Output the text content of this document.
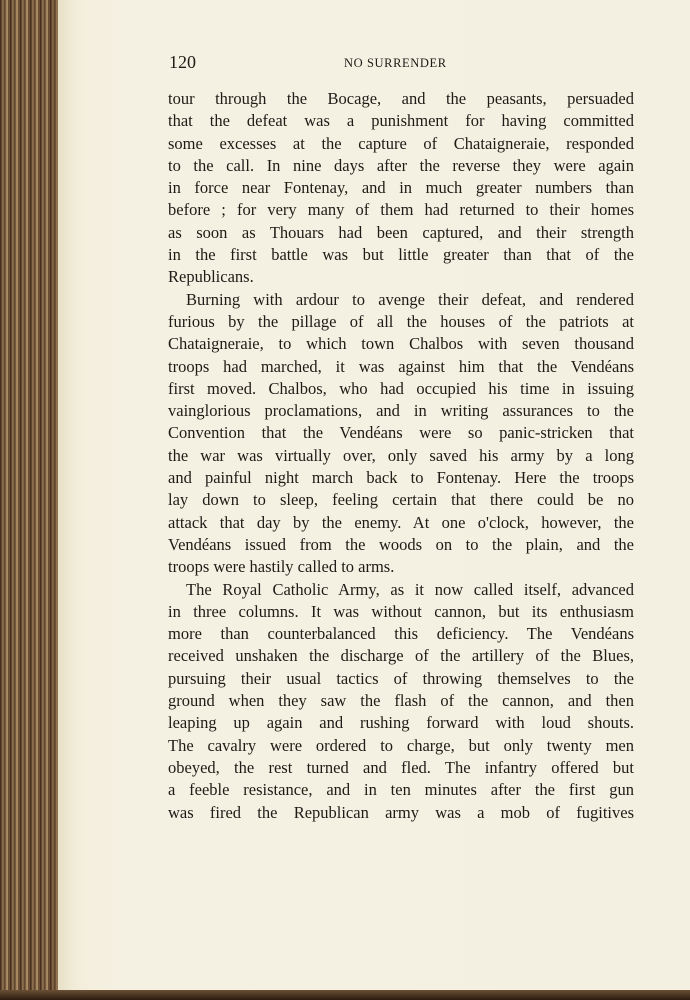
120	NO SURRENDER
tour through the Bocage, and the peasants, persuaded
that the defeat was a punishment for having committed
some excesses at the capture of Chataigneraie, responded
to the call. In nine days after the reverse they were again
in force near Fontenay, and in much greater numbers than
before ; for very many of them had returned to their homes
as soon as Thouars had been captured, and their strength
in the first battle was but little greater than that of the
Republicans.
Burning with ardour to avenge their defeat, and rendered
furious by the pillage of all the houses of the patriots at
Chataigneraie, to which town Chalbos with seven thousand
troops had marched, it was against him that the Vendéans
first moved. Chalbos, who had occupied his time in issuing
vainglorious proclamations, and in writing assurances to the
Convention that the Vendéans were so panic-stricken that
the war was virtually over, only saved his army by a long
and painful night march back to Fontenay. Here the troops
lay down to sleep, feeling certain that there could be no
attack that day by the enemy. At one o'clock, however, the
Vendéans issued from the woods on to the plain, and the
troops were hastily called to arms.
The Royal Catholic Army, as it now called itself, advanced
in three columns. It was without cannon, but its enthusiasm
more than counterbalanced this deficiency. The Vendéans
received unshaken the discharge of the artillery of the Blues,
pursuing their usual tactics of throwing themselves to the
ground when they saw the flash of the cannon, and then
leaping up again and rushing forward with loud shouts.
The cavalry were ordered to charge, but only twenty men
obeyed, the rest turned and fled. The infantry offered but
a feeble resistance, and in ten minutes after the first gun
was fired the Republican army was a mob of fugitives
